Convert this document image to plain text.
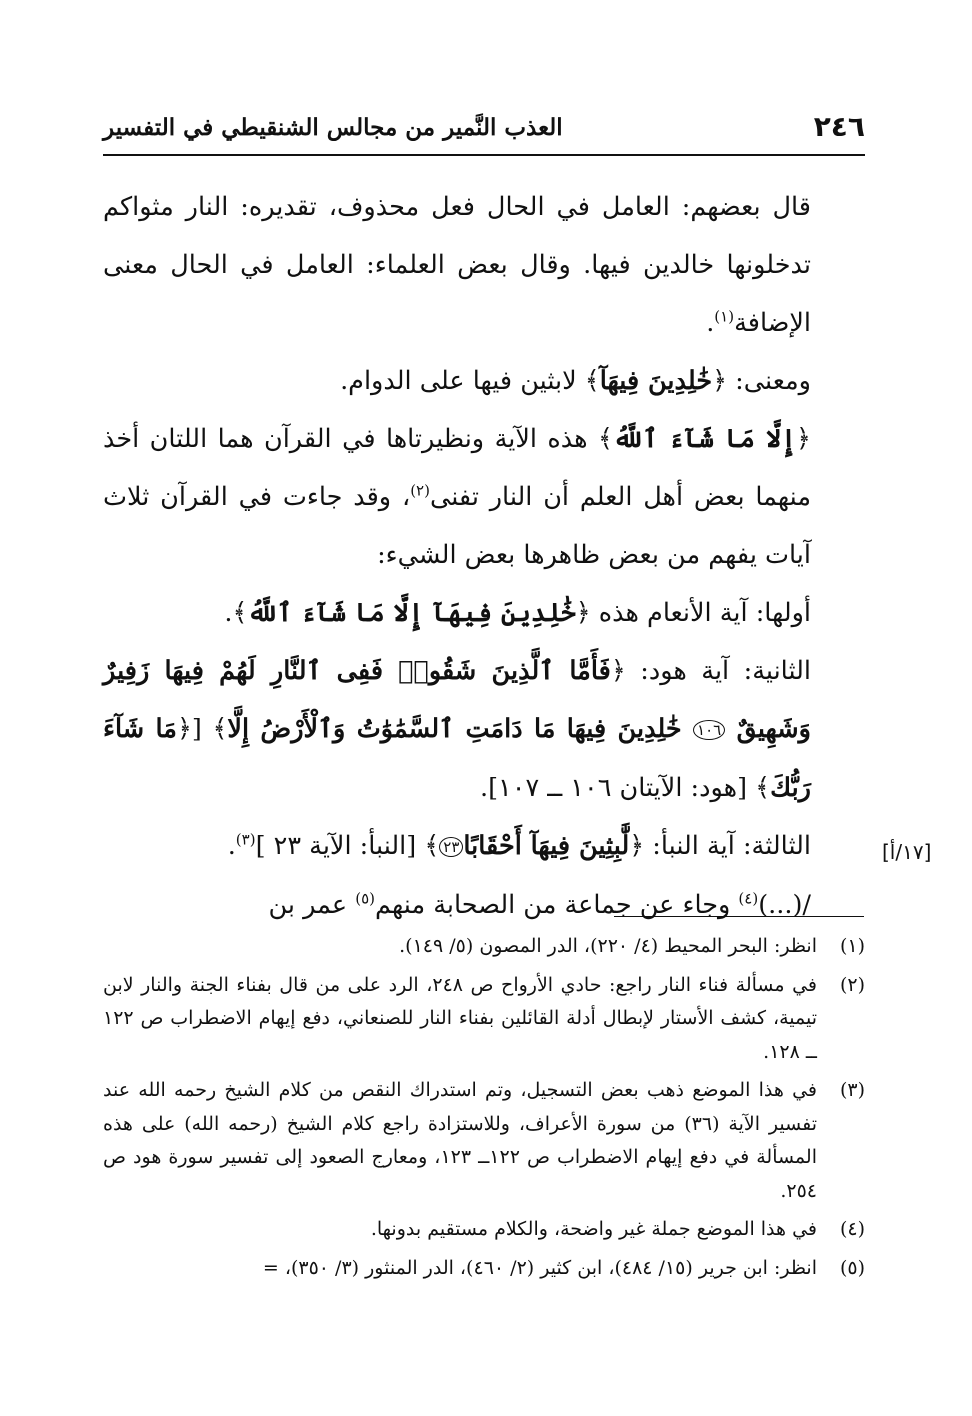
٢٤٦
العذب النَّمير من مجالس الشنقيطي في التفسير

قال بعضهم: العامل في الحال فعل محذوف، تقديره: النار مثواكم تدخلونها خالدين فيها. وقال بعض العلماء: العامل في الحال معنى الإضافة$^{(١)}$.

ومعنى: ﴿خَٰلِدِينَ فِيهَآ﴾ لابثين فيها على الدوام.

﴿إِلَّا مَا شَآءَ ٱللَّهُ﴾ هذه الآية ونظيرتاها في القرآن هما اللتان أخذ منهما بعض أهل العلم أن النار تفنى$^{(٢)}$، وقد جاءت في القرآن ثلاث آيات يفهم من بعض ظاهرها بعض الشيء:

أولها: آية الأنعام هذه ﴿خَٰلِدِينَ فِيهَآ إِلَّا مَا شَآءَ ٱللَّهُ﴾.

الثانية: آية هود: ﴿فَأَمَّا ٱلَّذِينَ شَقُوا۟ فَفِى ٱلنَّارِ لَهُمْ فِيهَا زَفِيرٌ وَشَهِيقٌ ١٠٦ خَٰلِدِينَ فِيهَا مَا دَامَتِ ٱلسَّمَٰوَٰتُ وَٱلْأَرْضُ إِلَّا﴾ [﴿مَا شَآءَ رَبُّكَ﴾ [هود: الآيتان ١٠٦ ــ ١٠٧].

الثالثة: آية النبأ: ﴿لَّٰبِثِينَ فِيهَآ أَحْقَابًا٢٣﴾ [النبأ: الآية ٢٣ ]$^{(٣)}$.

/(...)$^{(٤)}$ وجاء عن جماعة من الصحابة منهم$^{(٥)}$ عمر بن

[١٧/أ]
(١)
انظر: البحر المحيط (٤/ ٢٢٠)، الدر المصون (٥/ ١٤٩).
(٢)
في مسألة فناء النار راجع: حادي الأرواح ص ٢٤٨، الرد على من قال بفناء الجنة والنار لابن تيمية، كشف الأستار لإبطال أدلة القائلين بفناء النار للصنعاني، دفع إيهام الاضطراب ص ١٢٢ ــ ١٢٨.
(٣)
في هذا الموضع ذهب بعض التسجيل، وتم استدراك النقص من كلام الشيخ رحمه الله عند تفسير الآية (٣٦) من سورة الأعراف، وللاستزادة راجع كلام الشيخ (رحمه الله) على هذه المسألة في دفع إيهام الاضطراب ص ١٢٢ــ ١٢٣، ومعارج الصعود إلى تفسير سورة هود ص ٢٥٤.
(٤)
في هذا الموضع جملة غير واضحة، والكلام مستقيم بدونها.
(٥)
انظر: ابن جرير (١٥/ ٤٨٤)، ابن كثير (٢/ ٤٦٠)، الدر المنثور (٣/ ٣٥٠)، =
